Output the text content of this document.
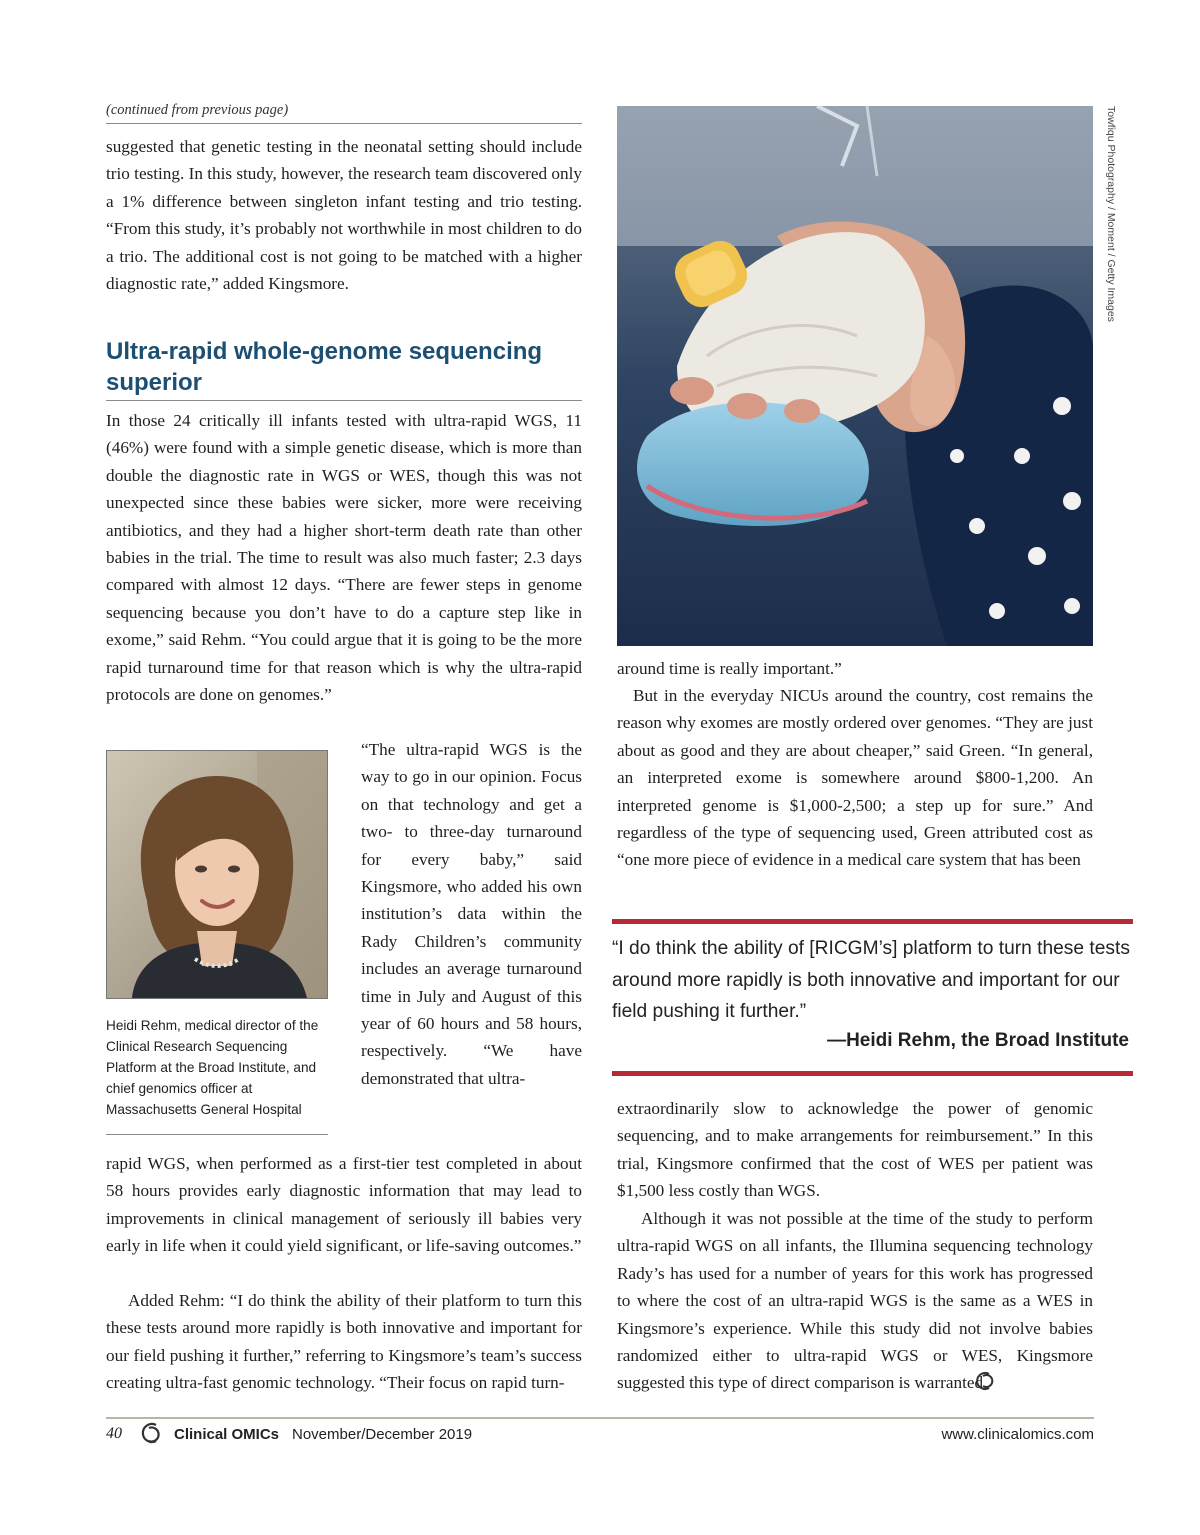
(continued from previous page)

suggested that genetic testing in the neonatal setting should include trio testing. In this study, however, the research team discovered only a 1% difference between singleton infant testing and trio testing. “From this study, it’s probably not worthwhile in most children to do a trio. The additional cost is not going to be matched with a higher diagnostic rate,” added Kingsmore.

Ultra-rapid whole-genome sequencing superior

In those 24 critically ill infants tested with ultra-rapid WGS, 11 (46%) were found with a simple genetic disease, which is more than double the diagnostic rate in WGS or WES, though this was not unexpected since these babies were sicker, more were receiving antibiotics, and they had a higher short-term death rate than other babies in the trial. The time to result was also much faster; 2.3 days compared with almost 12 days. “There are fewer steps in genome sequencing because you don’t have to do a capture step like in exome,” said Rehm. “You could argue that it is going to be the more rapid turnaround time for that reason which is why the ultra-rapid protocols are done on genomes.”

Heidi Rehm, medical director of the Clinical Research Sequencing Platform at the Broad Institute, and chief genomics officer at Massachusetts General Hospital

“The ultra-rapid WGS is the way to go in our opinion. Focus on that technology and get a two- to three-day turnaround for every baby,” said Kingsmore, who added his own institution’s data within the Rady Children’s community includes an average turnaround time in July and August of this year of 60 hours and 58 hours, respectively. “We have demonstrated that ultra-

rapid WGS, when performed as a first-tier test completed in about 58 hours provides early diagnostic information that may lead to improvements in clinical management of seriously ill babies very early in life when it could yield significant, or life-saving outcomes.”

Added Rehm: “I do think the ability of their platform to turn this these tests around more rapidly is both innovative and important for our field pushing it further,” referring to Kingsmore’s team’s success creating ultra-fast genomic technology. “Their focus on rapid turn-

Towfiqu Photography / Moment / Getty Images

around time is really important.”

But in the everyday NICUs around the country, cost remains the reason why exomes are mostly ordered over genomes. “They are just about as good and they are about cheaper,” said Green. “In general, an interpreted exome is somewhere around $800-1,200. An interpreted genome is $1,000-2,500; a step up for sure.” And regardless of the type of sequencing used, Green attributed cost as “one more piece of evidence in a medical care system that has been

“I do think the ability of [RICGM’s] platform to turn these tests around more rapidly is both innovative and important for our field pushing it further.”
—Heidi Rehm, the Broad Institute

extraordinarily slow to acknowledge the power of genomic sequencing, and to make arrangements for reimbursement.” In this trial, Kingsmore confirmed that the cost of WES per patient was $1,500 less costly than WGS.

Although it was not possible at the time of the study to perform ultra-rapid WGS on all infants, the Illumina sequencing technology Rady’s has used for a number of years for this work has progressed to where the cost of an ultra-rapid WGS is the same as a WES in Kingsmore’s experience. While this study did not involve babies randomized either to ultra-rapid WGS or WES, Kingsmore suggested this type of direct comparison is warranted.

40	Clinical OMICs November/December 2019	www.clinicalomics.com
